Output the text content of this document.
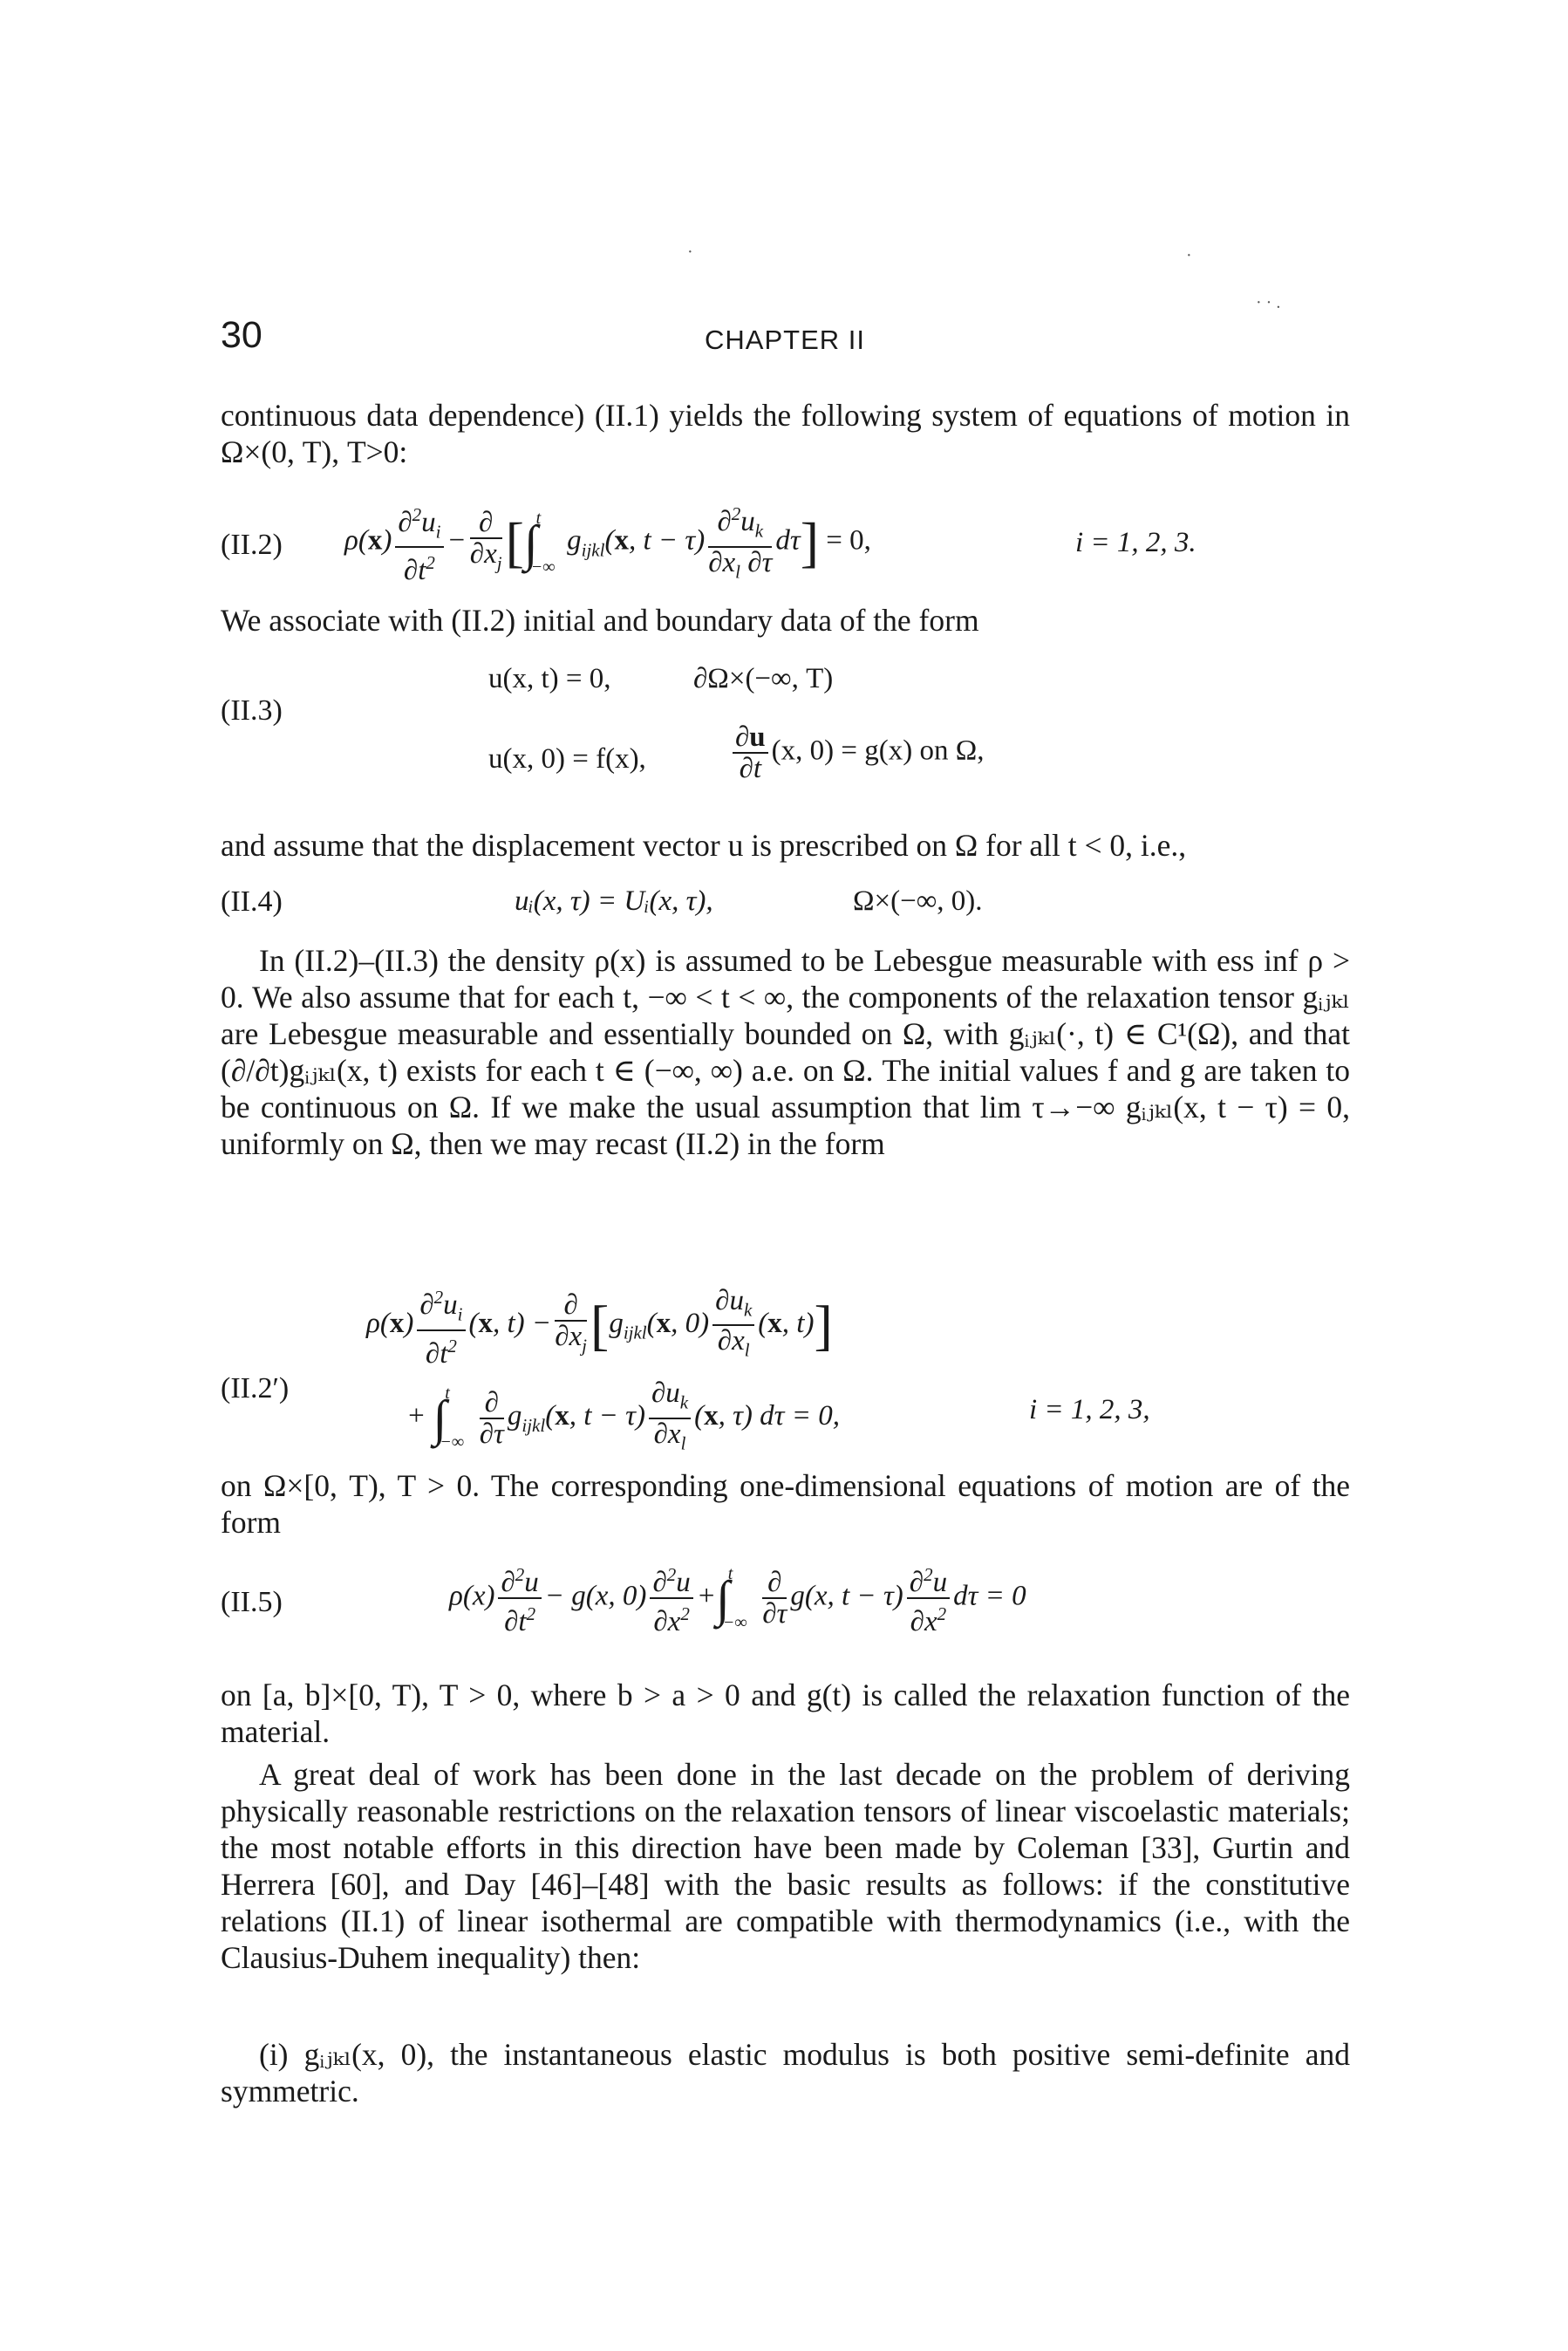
·	·
· · .
30	CHAPTER II
continuous data dependence) (II.1) yields the following system of equations of motion in Ω×(0, T), T>0:
(II.2) $\rho(x) \frac{\partial^2u_i}{\partial t^2} - \frac{\partial}{\partial x_j} [\int_{-\infty}^tg_{ijkl}(x$, $t - \tau) \frac{\partial^2u_k}{\partial x_l \partial\tau} d\tau] = 0$,	i = 1, 2, 3.
We associate with (II.2) initial and boundary data of the form
(II.3)
u(x, t) = 0,	∂Ω×(−∞, T)
u(x, 0) = f(x),	$\frac{\partial u}{\partial t} (x$, 0) = g(x) on Ω,
and assume that the displacement vector u is prescribed on Ω for all t < 0, i.e.,
(II.4)	uᵢ(x, τ) = Uᵢ(x, τ),	Ω×(−∞, 0).
In (II.2)–(II.3) the density ρ(x) is assumed to be Lebesgue measurable with ess inf ρ > 0. We also assume that for each t, −∞ < t < ∞, the components of the relaxation tensor gᵢⱼₖₗ are Lebesgue measurable and essentially bounded on Ω, with gᵢⱼₖₗ(·, t) ∈ C¹(Ω), and that (∂/∂t)gᵢⱼₖₗ(x, t) exists for each t ∈ (−∞, ∞) a.e. on Ω. The initial values f and g are taken to be continuous on Ω. If we make the usual assumption that lim τ→−∞ gᵢⱼₖₗ(x, t − τ) = 0, uniformly on Ω, then we may recast (II.2) in the form
(II.2′)
$\rho(x) \frac{\partial^2u_i}{\partial t^2} (x$, $t) - \frac{\partial}{\partial x_j} [g_{ijkl}(x$, $0) \frac{\partial u_k}{\partial x_l} (x$, t)]
+ $\int_{-\infty}^t \frac{\partial}{\partial\tau} g_{ijkl}(x$, $t - \tau) \frac{\partial u_k}{\partial x_l} (x$, τ) dτ = 0,	i = 1, 2, 3,
on Ω×[0, T), T > 0. The corresponding one-dimensional equations of motion are of the form
(II.5)	$\rho(x) \frac{\partial^2u}{\partial t^2} - g(x$, $0) \frac{\partial^2u}{\partial x^2} +\int_{-\infty}^t \frac{\partial}{\partial\tau} g(x$, $t - \tau) \frac{\partial^2u}{\partial x^2}$ dτ = 0
on [a, b]×[0, T), T > 0, where b > a > 0 and g(t) is called the relaxation function of the material.
A great deal of work has been done in the last decade on the problem of deriving physically reasonable restrictions on the relaxation tensors of linear viscoelastic materials; the most notable efforts in this direction have been made by Coleman [33], Gurtin and Herrera [60], and Day [46]–[48] with the basic results as follows: if the constitutive relations (II.1) of linear isothermal are compatible with thermodynamics (i.e., with the Clausius-Duhem inequality) then:
(i) gᵢⱼₖₗ(x, 0), the instantaneous elastic modulus is both positive semi-definite and symmetric.
